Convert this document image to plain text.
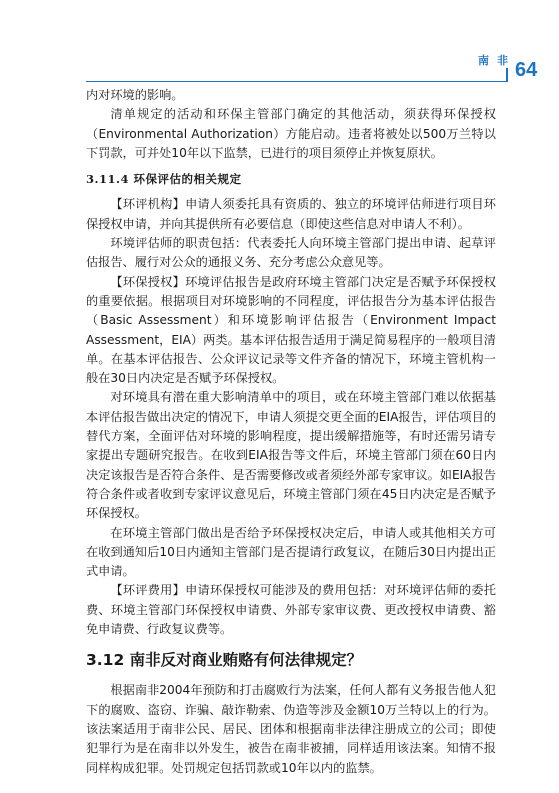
南非 64

内对环境的影响。

清单规定的活动和环保主管部门确定的其他活动，须获得环保授权（Environmental Authorization）方能启动。违者将被处以500万兰特以下罚款，可并处10年以下监禁，已进行的项目须停止并恢复原状。

3.11.4 环保评估的相关规定

【环评机构】申请人须委托具有资质的、独立的环境评估师进行项目环保授权申请，并向其提供所有必要信息（即使这些信息对申请人不利）。

环境评估师的职责包括：代表委托人向环境主管部门提出申请、起草评估报告、履行对公众的通报义务、充分考虑公众意见等。

【环保授权】环境评估报告是政府环境主管部门决定是否赋予环保授权的重要依据。根据项目对环境影响的不同程度，评估报告分为基本评估报告（Basic Assessment）和环境影响评估报告（Environment Impact Assessment，EIA）两类。基本评估报告适用于满足简易程序的一般项目清单。在基本评估报告、公众评议记录等文件齐备的情况下，环境主管机构一般在30日内决定是否赋予环保授权。

对环境具有潜在重大影响清单中的项目，或在环境主管部门难以依据基本评估报告做出决定的情况下，申请人须提交更全面的EIA报告，评估项目的替代方案，全面评估对环境的影响程度，提出缓解措施等，有时还需另请专家提出专题研究报告。在收到EIA报告等文件后，环境主管部门须在60日内决定该报告是否符合条件、是否需要修改或者须经外部专家审议。如EIA报告符合条件或者收到专家评议意见后，环境主管部门须在45日内决定是否赋予环保授权。

在环境主管部门做出是否给予环保授权决定后，申请人或其他相关方可在收到通知后10日内通知主管部门是否提请行政复议，在随后30日内提出正式申请。

【环评费用】申请环保授权可能涉及的费用包括：对环境评估师的委托费、环境主管部门环保授权申请费、外部专家审议费、更改授权申请费、豁免申请费、行政复议费等。

3.12 南非反对商业贿赂有何法律规定？

根据南非2004年预防和打击腐败行为法案，任何人都有义务报告他人犯下的腐败、盗窃、诈骗、敲诈勒索、伪造等涉及金额10万兰特以上的行为。该法案适用于南非公民、居民、团体和根据南非法律注册成立的公司；即使犯罪行为是在南非以外发生，被告在南非被捕，同样适用该法案。知情不报同样构成犯罪。处罚规定包括罚款或10年以内的监禁。
